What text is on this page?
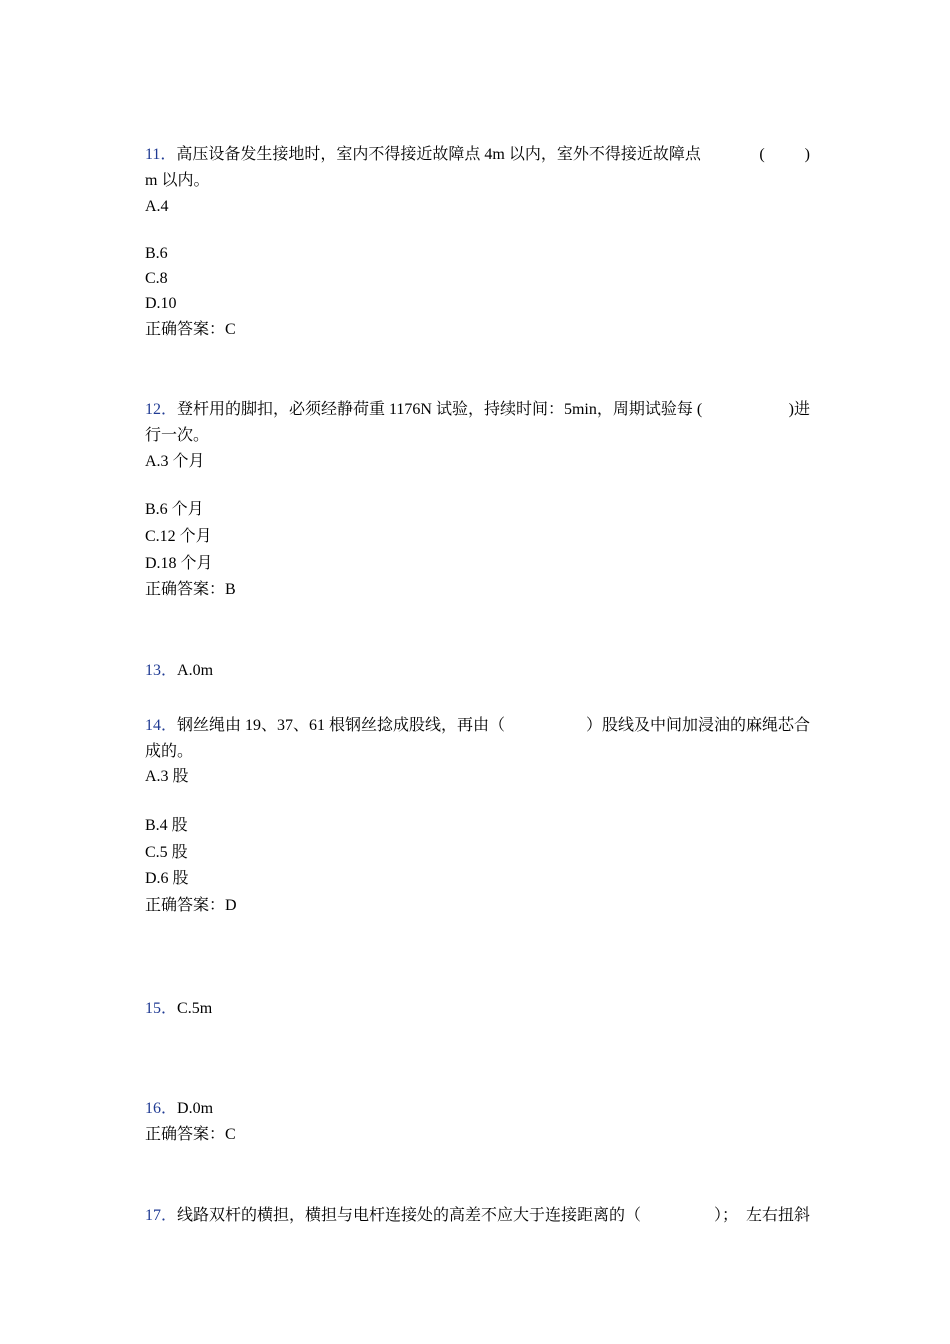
11．高压设备发生接地时，室内不得接近故障点 4m 以内，室外不得接近故障点	(          )
m 以内。
A.4
B.6
C.8
D.10
正确答案：C
12．登杆用的脚扣，必须经静荷重 1176N 试验，持续时间：5min，周期试验每 (	)进
行一次。
A.3 个月
B.6 个月
C.12 个月
D.18 个月
正确答案：B
13．A.0m
14．钢丝绳由 19、37、61 根钢丝捻成股线，再由（	）股线及中间加浸油的麻绳芯合
成的。
A.3 股
B.4 股
C.5 股
D.6 股
正确答案：D
15．C.5m
16．D.0m
正确答案：C
17．线路双杆的横担，横担与电杆连接处的高差不应大于连接距离的（	）；  左右扭斜
